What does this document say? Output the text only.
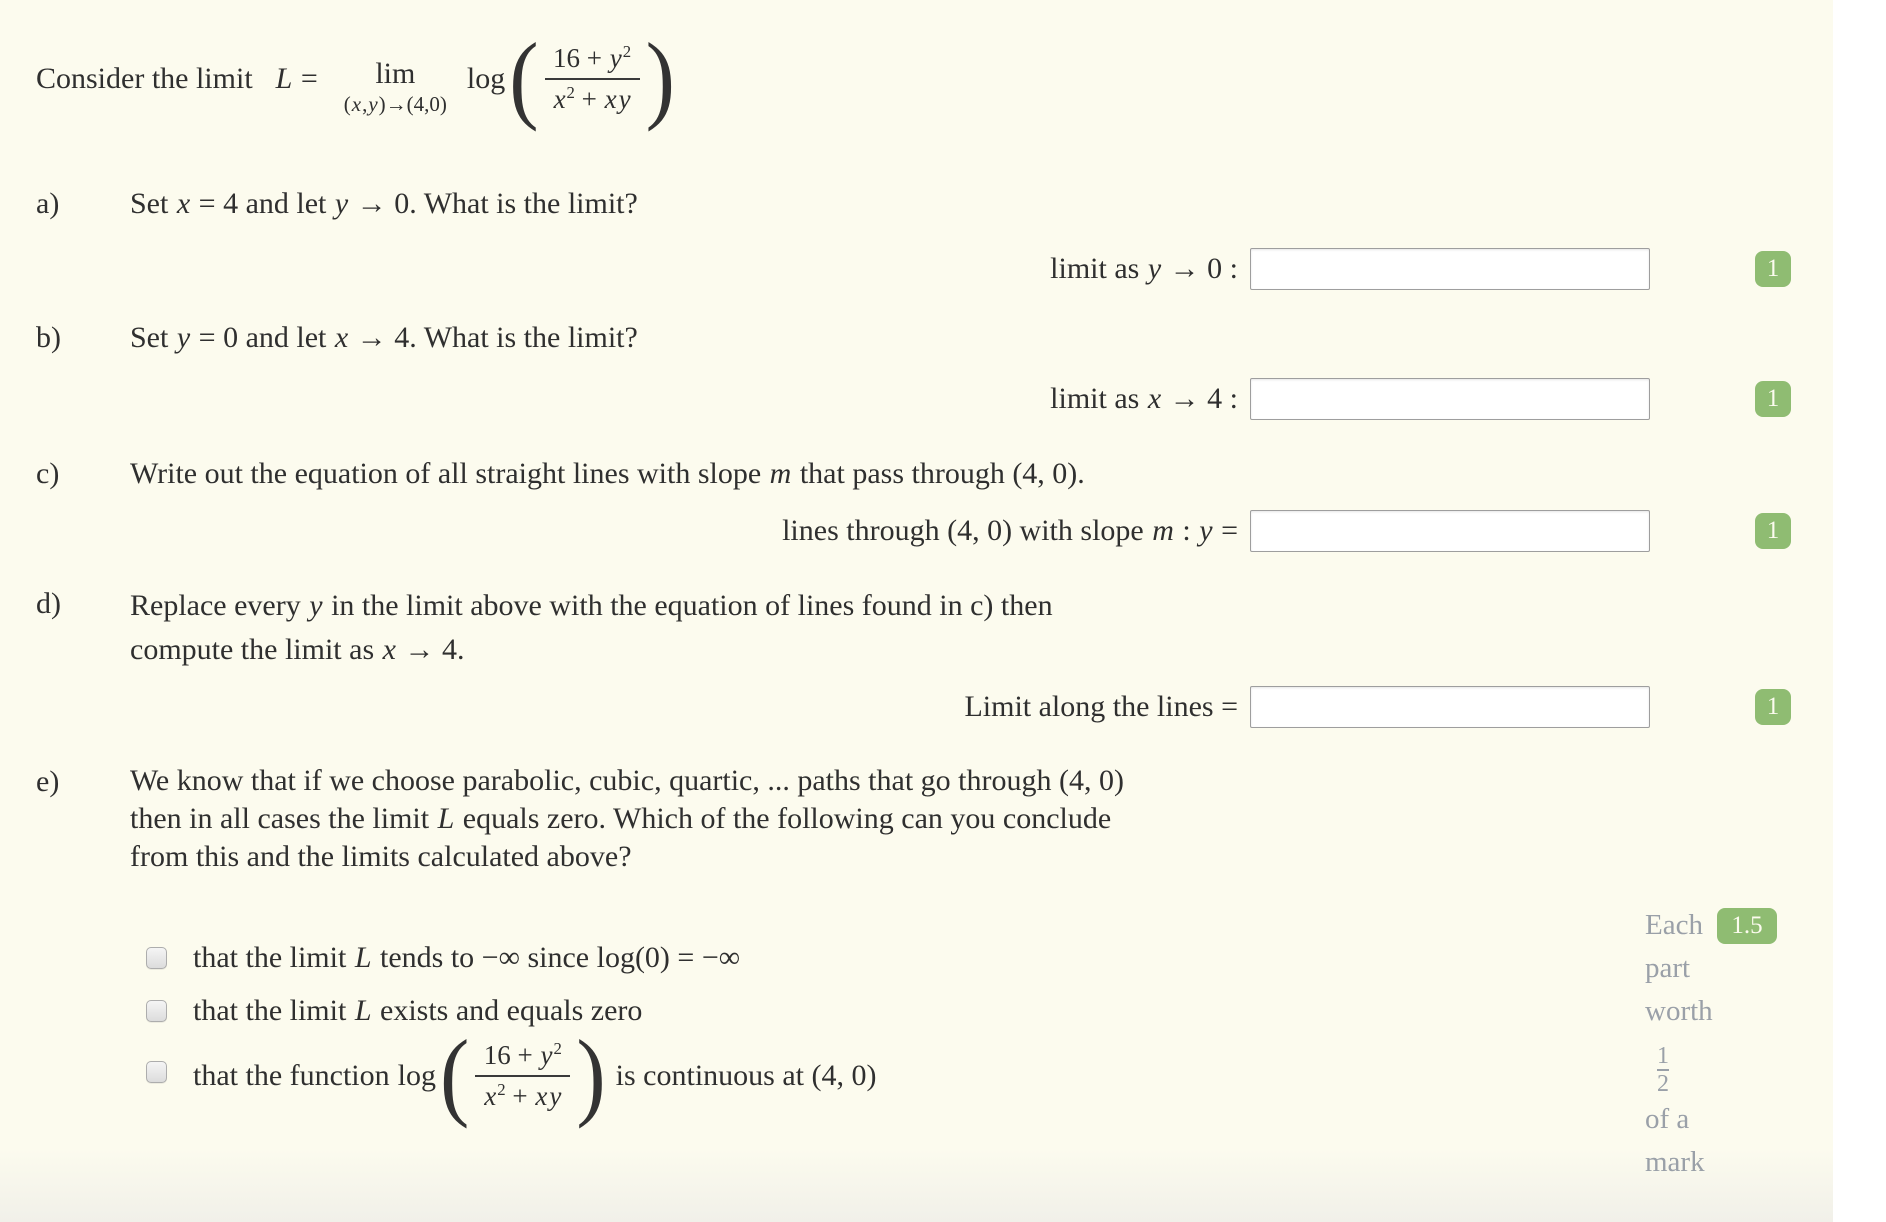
Consider the limit L = lim
(x,y)→(4,0)
log ( $\frac{16 + y^2}{x^2 + xy}$ )
a)	Set x = 4 and let y → 0. What is the limit?
limit as y → 0 :	1
b)	Set y = 0 and let x → 4. What is the limit?
limit as x → 4 :	1
c)	Write out the equation of all straight lines with slope m that pass through (4, 0).
lines through (4, 0) with slope m : y =	1
d)	Replace every y in the limit above with the equation of lines found in c) then
compute the limit as x → 4.
Limit along the lines =	1
e)	We know that if we choose parabolic, cubic, quartic, ... paths that go through (4, 0)
then in all cases the limit L equals zero. Which of the following can you conclude
from this and the limits calculated above?
that the limit L tends to −∞ since log(0) = −∞
that the limit L exists and equals zero
that the function log ( $\frac{16 + y^2}{x^2 + xy}$ ) is continuous at (4, 0)
Each	1.5
part
worth
$\frac{1}{2}$
of a
mark
